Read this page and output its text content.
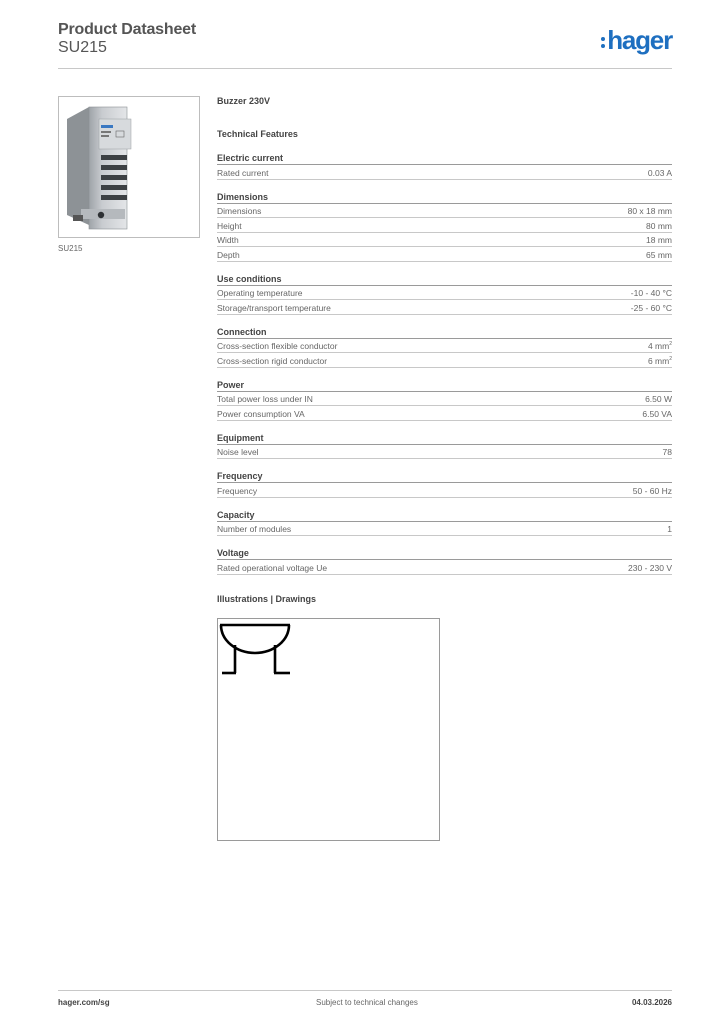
Product Datasheet
SU215	hager
SU215
Buzzer 230V
Technical Features
Electric current
Rated current	0.03 A
Dimensions
Dimensions	80 x 18 mm
Height	80 mm
Width	18 mm
Depth	65 mm
Use conditions
Operating temperature	-10 - 40 °C
Storage/transport temperature	-25 - 60 °C
Connection
Cross-section flexible conductor	4 $mm^2$
Cross-section rigid conductor	6 $mm^2$
Power
Total power loss under IN	6.50 W
Power consumption VA	6.50 VA
Equipment
Noise level	78
Frequency
Frequency	50 - 60 Hz
Capacity
Number of modules	1
Voltage
Rated operational voltage Ue	230 - 230 V
Illustrations | Drawings
hager.com/sg	Subject to technical changes	04.03.2026
